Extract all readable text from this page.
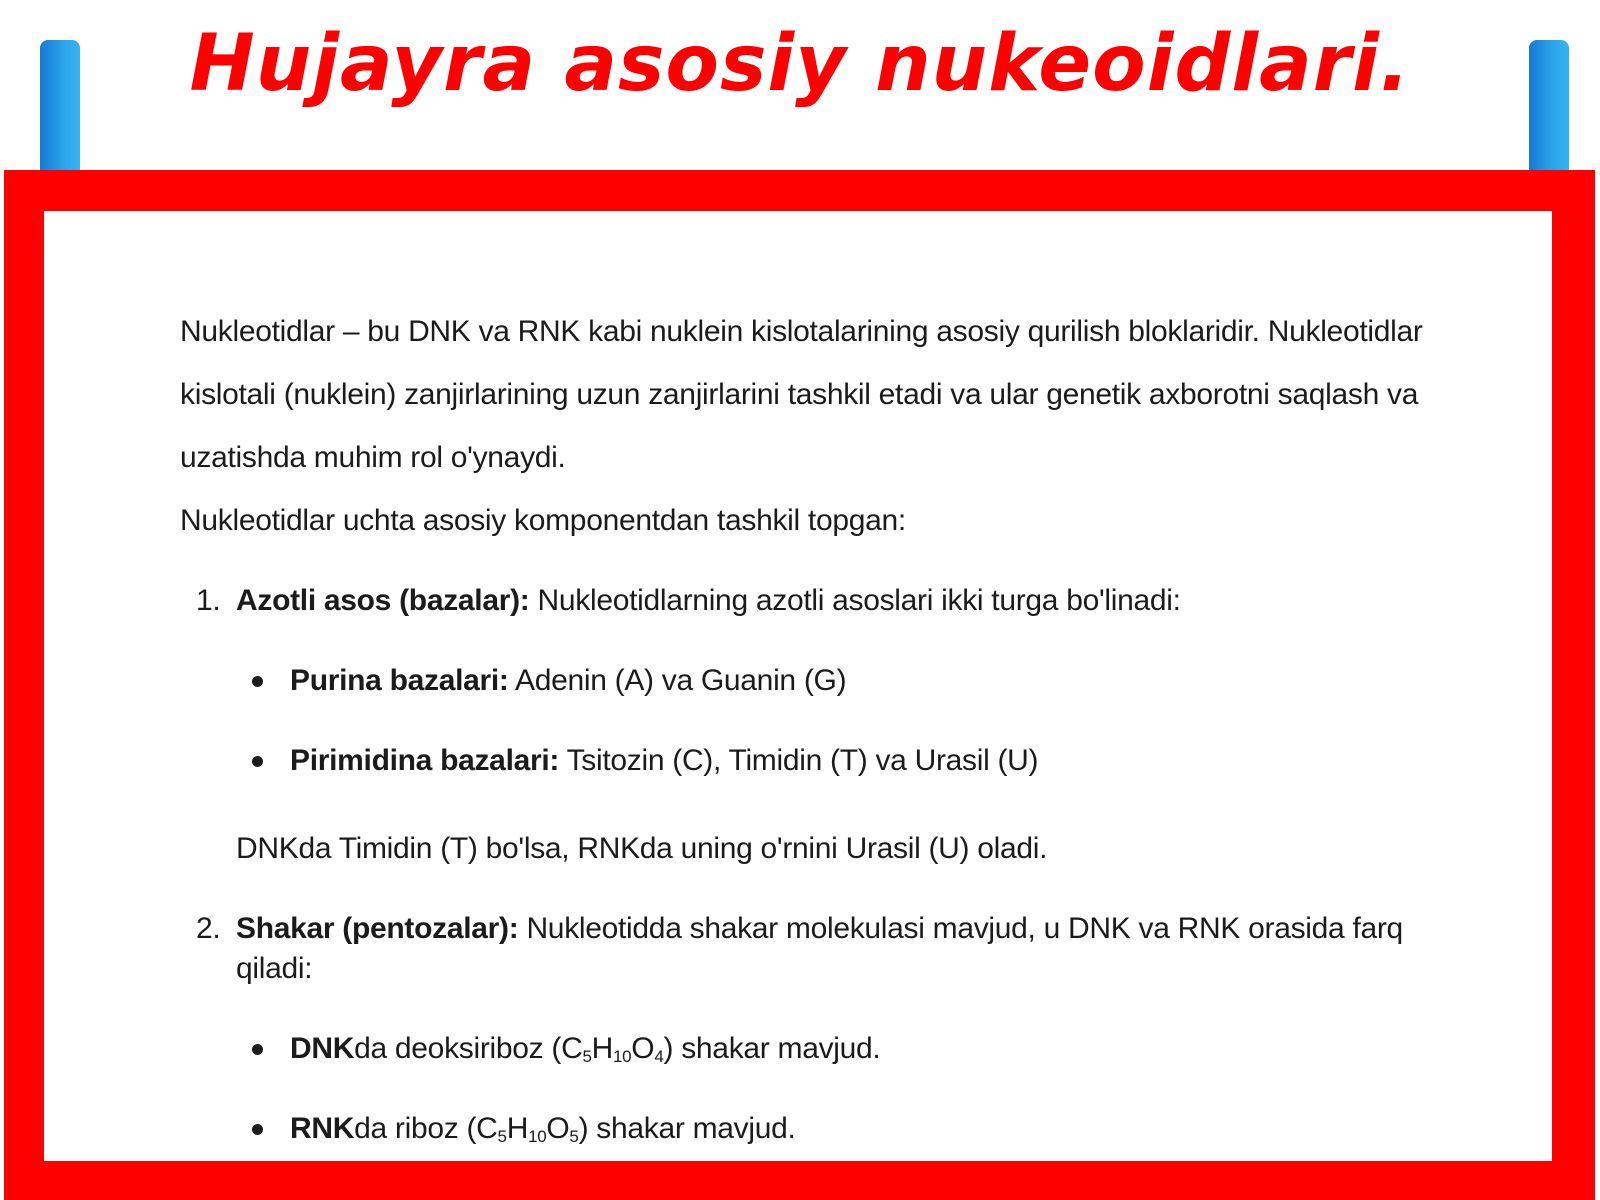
Hujayra asosiy nukeoidlari.

Nukleotidlar – bu DNK va RNK kabi nuklein kislotalarining asosiy qurilish bloklaridir. Nukleotidlar kislotali (nuklein) zanjirlarining uzun zanjirlarini tashkil etadi va ular genetik axborotni saqlash va uzatishda muhim rol o'ynaydi.

Nukleotidlar uchta asosiy komponentdan tashkil topgan:

1. Azotli asos (bazalar): Nukleotidlarning azotli asoslari ikki turga bo'linadi:
Purina bazalari: Adenin (A) va Guanin (G)
Pirimidina bazalari: Tsitozin (C), Timidin (T) va Urasil (U)

DNKda Timidin (T) bo'lsa, RNKda uning o'rnini Urasil (U) oladi.

2. Shakar (pentozalar): Nukleotidda shakar molekulasi mavjud, u DNK va RNK orasida farq qiladi:
DNKda deoksiriboz $(C_5H_{10}O_4)$ shakar mavjud.
RNKda riboz $(C_5H_{10}O_5)$ shakar mavjud.
